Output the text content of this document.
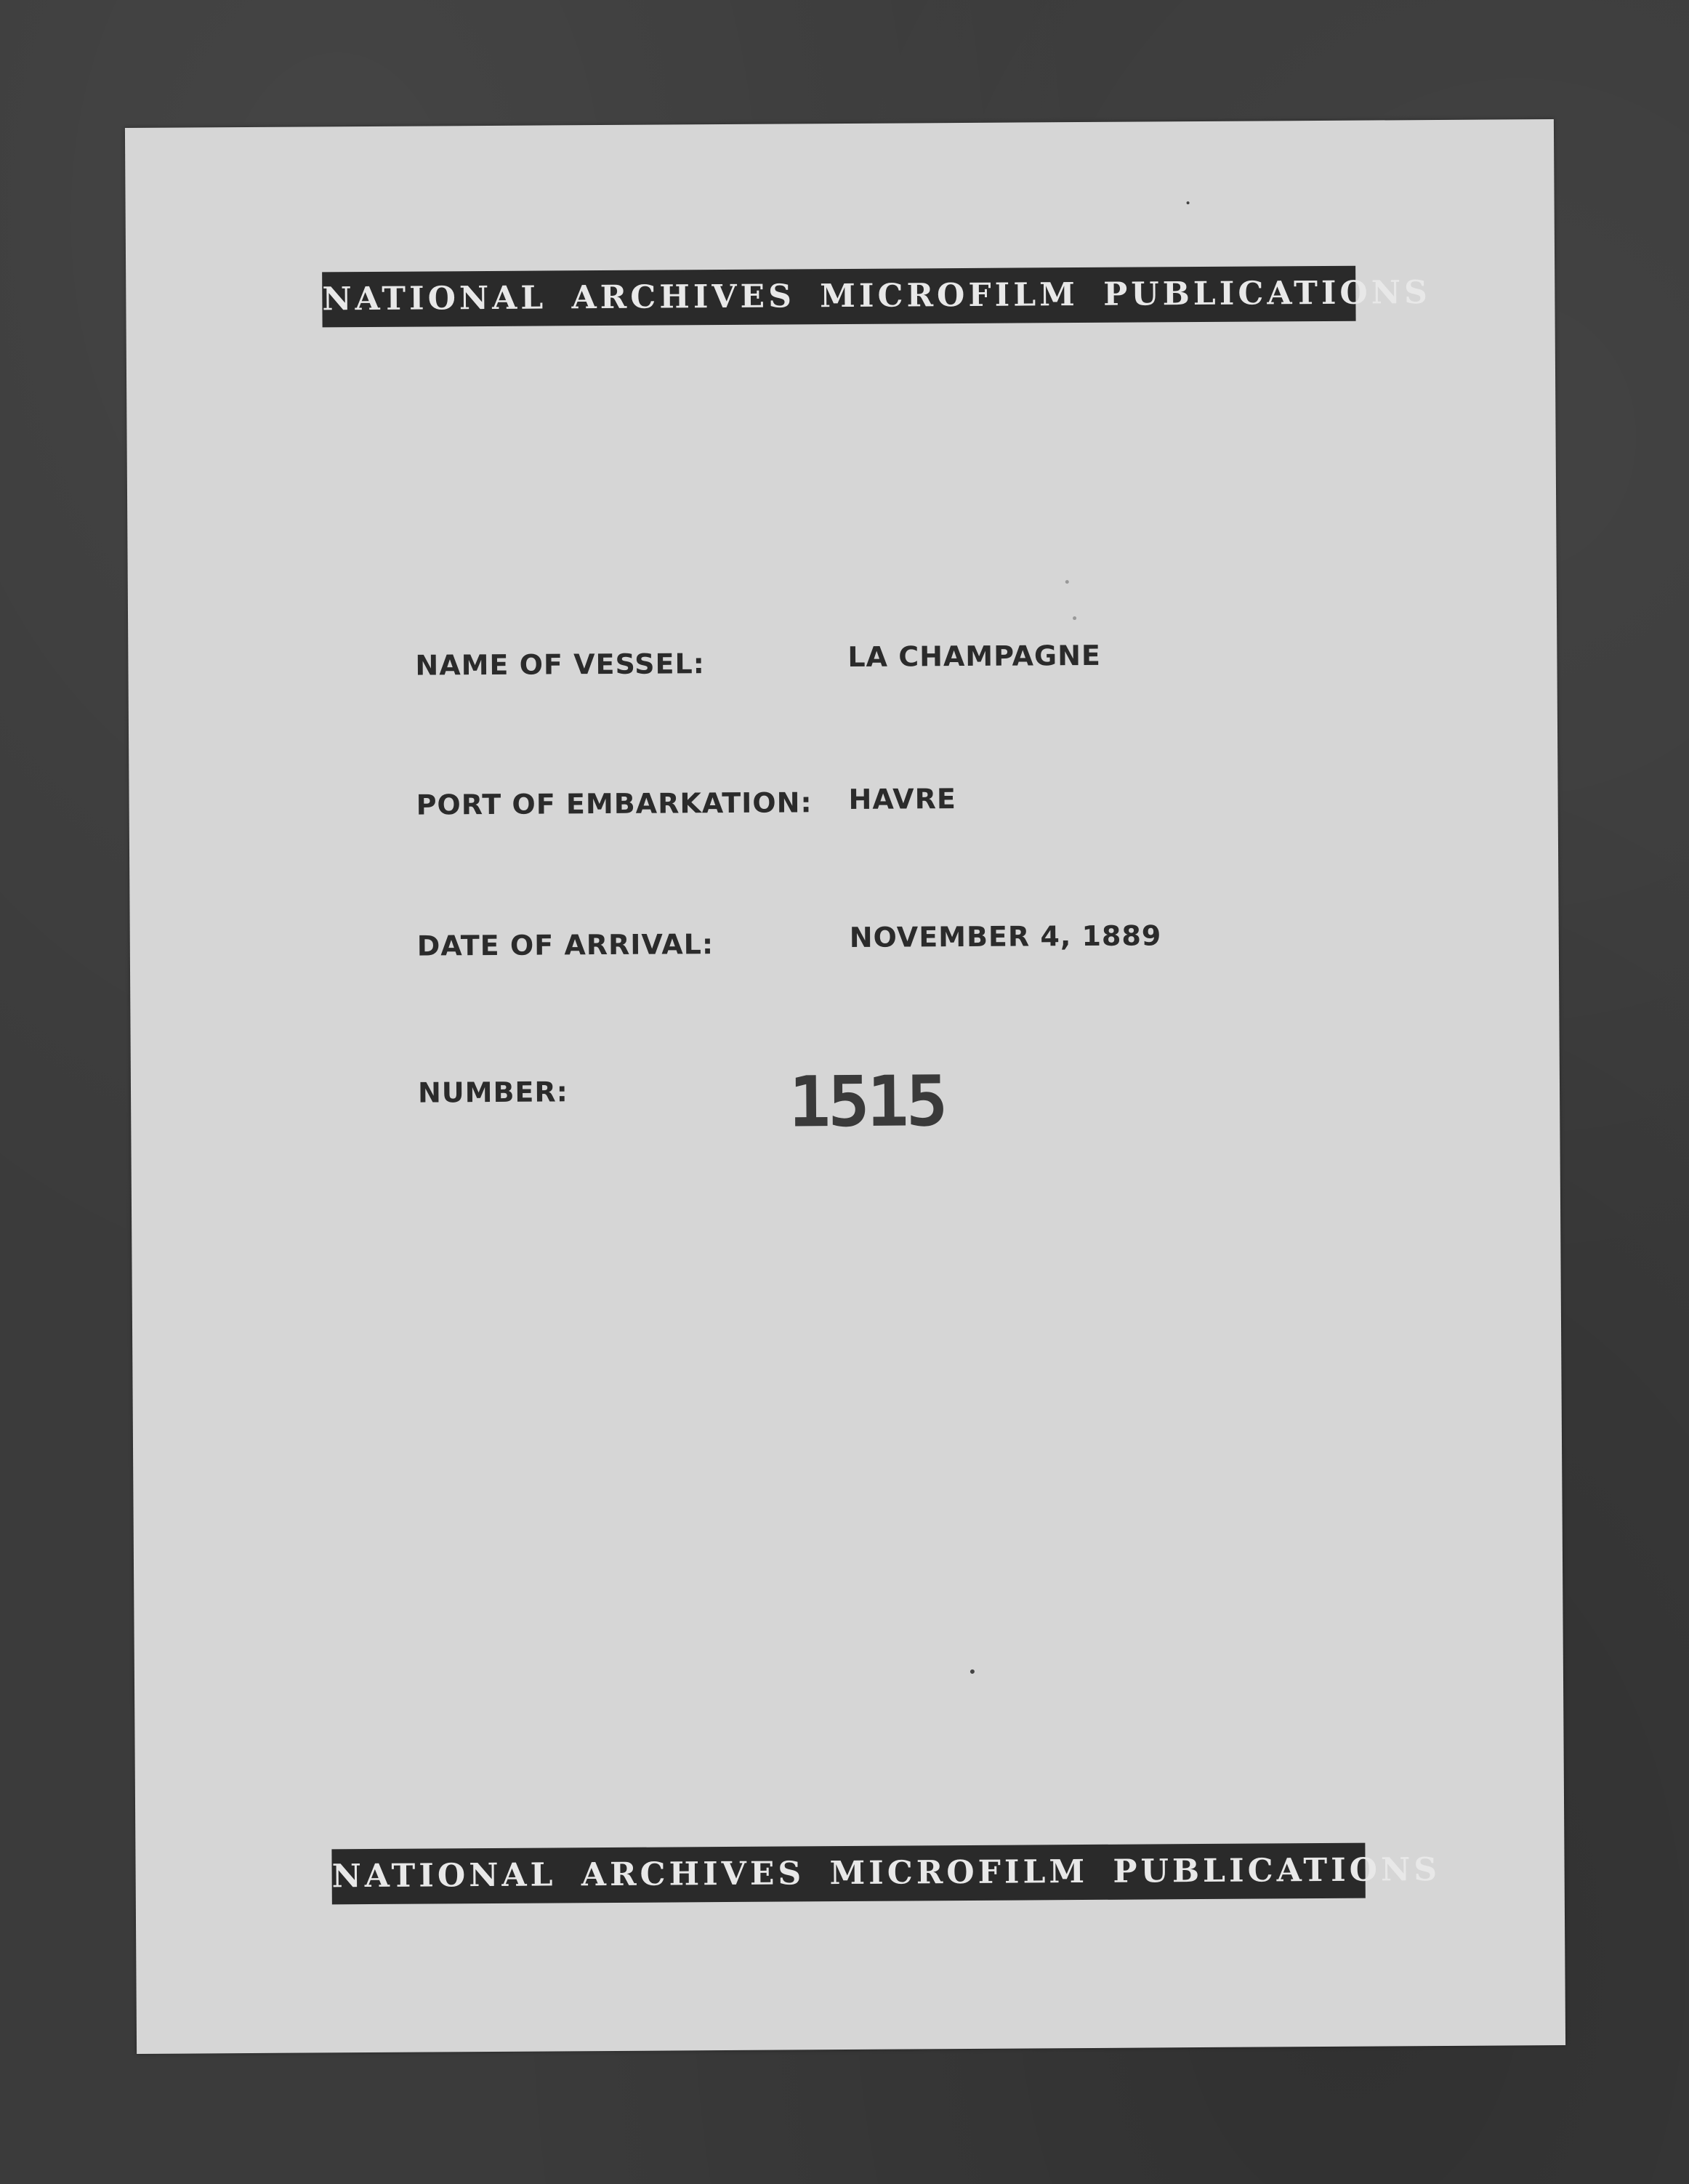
NATIONAL ARCHIVES MICROFILM PUBLICATIONS
NAME OF VESSEL:	LA CHAMPAGNE
PORT OF EMBARKATION: HAVRE
DATE OF ARRIVAL:	NOVEMBER 4, 1889
NUMBER:	1515
NATIONAL ARCHIVES MICROFILM PUBLICATIONS
